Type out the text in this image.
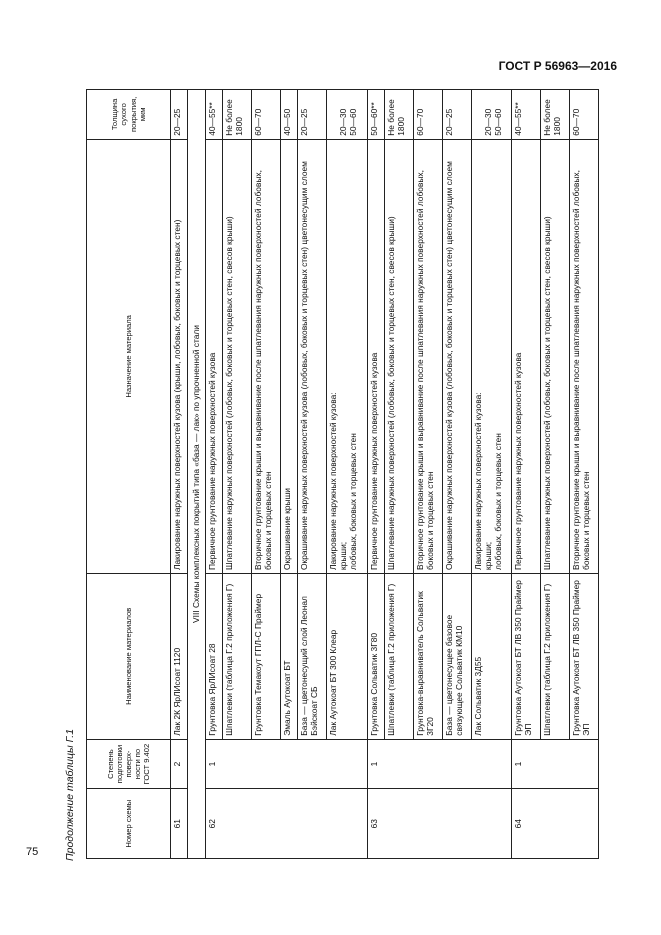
ГОСТ Р 56963—2016
Продолжение таблицы Г.1	Номер схемы	Степень подготовки поверх-ности по ГОСТ 9.402	Наименование материалов	Назначение материала	Толщина сухого покрытия, мкм
61	2	Лак 2К ЯрЛИсоат 1120	Лакирование наружных поверхностей кузова (крыши, лобовых, боковых и торцевых стен)	20—25
VIII Схемы комплексных покрытий типа «база — лак» по упрочненной стали				
62	1	Грунтовка ЯрЛИсоат 28	Первичное грунтование наружных поверхностей кузова	40—55**
		Шпатлевки (таблица Г.2 приложения Г)	Шпатлевание наружных поверхностей (лобовых, боковых и торцевых стен, свесов крыши)	Не более 1800
		Грунтовка Темакоут ГПЛ-С Праймер	Вторичное грунтование крыши и выравнивание после шпатлевания наружных поверхностей лобовых, боковых и торцевых стен	60—70
		Эмаль Аутокоат БТ	Окрашивание крыши	40—50
		База — цветонесущий слой Леонал Бэйскоат СБ	Окрашивание наружных поверхностей кузова (лобовых, боковых и торцевых стен) цветонесущим слоем	20—25
		Лак Аутокоат БТ 300 Клеар	Лакирование наружных поверхностей кузова: крыши; лобовых, боковых и торцевых стен	20—30 50—60

63	1	Грунтовка Сольватик 3Г80	Первичное грунтование наружных поверхностей кузова	50—60**
		Шпатлевки (таблица Г.2 приложения Г)	Шпатлевание наружных поверхностей (лобовых, боковых и торцевых стен, свесов крыши)	Не более 1800
		Грунтовка-выравниватель Сольватик 3Г20	Вторичное грунтование крыши и выравнивание после шпатлевания наружных поверхностей лобовых, боковых и торцевых стен	60—70
		База — цветонесущее базовое связующее Сольватик КМ10	Окрашивание наружных поверхностей кузова (лобовых, боковых и торцевых стен) цветонесущим слоем	20—25
		Лак Сольватик 3Д55	Лакирование наружных поверхностей кузова: крыши; лобовых, боковых и торцевых стен	20—30 50—60

64	1	Грунтовка Аутокоат БТ ЛВ 350 Праймер ЭП	Первичное грунтование наружных поверхностей кузова	40—55**
		Шпатлевки (таблица Г.2 приложения Г)	Шпатлевание наружных поверхностей (лобовых, боковых и торцевых стен, свесов крыши)	Не более 1800
		Грунтовка Аутокоат БТ ЛВ 350 Праймер ЭП	Вторичное грунтование крыши и выравнивание после шпатлевания наружных поверхностей лобовых, боковых и торцевых стен	60—70
75
